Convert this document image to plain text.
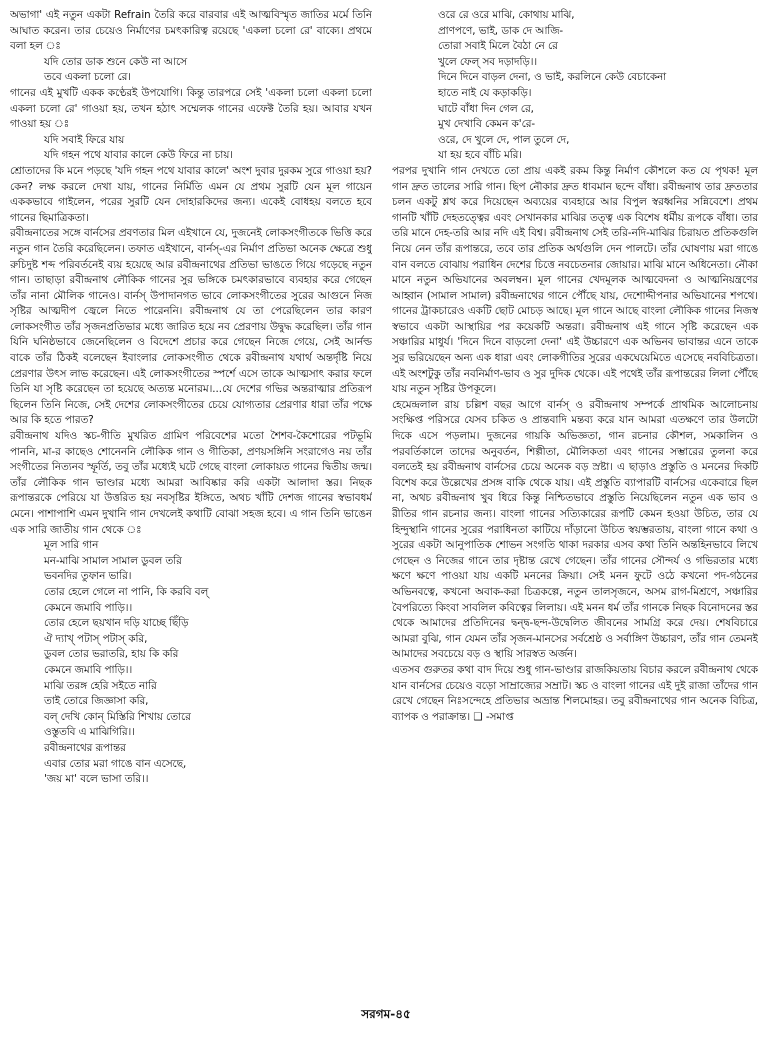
অভাগা' এই নতুন একটা Refrain তৈরি করে বারবার এই আত্মবিস্মৃত জাতির মর্মে তিনি আঘাত করেন। তার চেয়েও নির্মাণের চমৎকারিত্ব রয়েছে 'একলা চলো রে' বাক্যে। প্রথমে বলা হল ঃ

যদি তোর ডাক শুনে কেউ না আসে
তবে একলা চলো রে।

গানের এই মুখটি একক কণ্ঠেরই উপযোগি। কিন্তু তারপরে সেই 'একলা চলো একলা চলো একলা চলো রে' গাওয়া হয়, তখন হঠাৎ সম্মেলক গানের এফেক্ট তৈরি হয়। আবার যখন গাওয়া হয় ঃ

যদি সবাই ফিরে যায়
যদি গহন পথে যাবার কালে কেউ ফিরে না চায়।

শ্রোতাদের কি মনে পড়ছে 'যদি গহন পথে যাবার কালে' অংশ দুবার দুরকম সুরে গাওয়া হয়? কেন? লক্ষ করলে দেখা যায়, গানের নির্মিতি এমন যে প্রথম সুরটি যেন মূল গায়েন এককভাবে গাইলেন, পরের সুরটি যেন দোহারকিদের জন্য। একেই বোধহয় বলতে হবে গানের ছিমাত্রিকতা।

রবীন্দ্রনাতের সঙ্গে বার্নসের প্রবণতার মিল এইখানে যে, দুজনেই লোকসংগীতকে ভিত্তি করে নতুন গান তৈরি করেছিলেন। তফাত এইখানে, বার্নস্-এর নির্মাণ প্রতিভা অনেক ক্ষেত্রে শুধু রুচিদুষ্ট শব্দ পরিবর্তনেই ব্যয় হয়েছে আর রবীন্দ্রনাথের প্রতিভা ভাঙতে গিয়ে গড়েছে নতুন গান। তাছাড়া রবীন্দ্রনাথ লৌকিক গানের সুর ভঙ্গিকে চমৎকারভাবে ব্যবহার করে গেছেন তাঁর নানা মৌলিক গানেও। বার্নস্ উপাদানগত ভাবে লোকসংগীতের সুরের আগুনে নিজ সৃষ্টির আত্মদীপ জ্বেলে নিতে পারেননি। রবীন্দ্রনাথ যে তা পেরেছিলেন তার কারণ লোকসংগীত তাঁর সৃজনপ্রতিভার মধ্যে জারিত হয়ে নব প্রেরণায় উদ্বুদ্ধ করেছিল। তাঁর গান যিনি ঘনিষ্ঠভাবে জেনেছিলেন ও বিদেশে প্রচার করে গেছেন নিজে গেয়ে, সেই আর্নল্ড বাকে তাঁর ঠিকই বলেছেন ইবাংলার লোকসংগীত থেকে রবীন্দ্রনাথ যথার্থ অন্তর্দৃষ্টি নিয়ে প্রেরণার উৎস লাভ করেছেন। এই লোকসংগীতের স্পর্শে এসে তাকে আত্মসাৎ করার ফলে তিনি যা সৃষ্টি করেছেন তা হয়েছে অত্যন্ত মনোরম।...যে দেশের গভির অন্তরাত্মার প্রতিরূপ ছিলেন তিনি নিজে, সেই দেশের লোকসংগীতের চেয়ে যোগ্যতার প্রেরণার ধারা তাঁর পক্ষে আর কি হতে পারত?

রবীন্দ্রনাথ যদিও স্কচ-গীতি মুখরিত গ্রামিণ পরিবেশের মতো শৈশব-কৈশোরের পটভূমি পাননি, মা-র কাছেও শোনেননি লৌকিক গান ও গীতিকা, প্রণয়সঙ্গিনি সংরাগেও নয় তাঁর সংগীতের নিত্যনব স্ফূর্তি, তবু তাঁর মধ্যেই ঘটে গেছে বাংলা লোকায়ত গানের দ্বিতীয় জন্ম। তাঁর লৌকিক গান ভাণ্ডার মধ্যে আমরা আবিষ্কার করি একটা আলাদা স্তর। নিছক রূপান্তরকে পেরিয়ে যা উত্তরিত হয় নবসৃষ্টির ইঙ্গিতে, অথচ খাঁটি দেশজ গানের স্বভাবধর্ম মেনে। পাশাপাশি এমন দুখানি গান দেখলেই কথাটি বোঝা সহজ হবে। এ গান তিনি ভাঙেন এক সারি জাতীয় গান থেকে ঃ

মূল সারি গান
মন-মাঝি সামাল সামাল ডুবল তরি
ভবনদির তুফান ভারি।
তোর হেলে গেলে না পানি, কি করবি বল্
কেমনে জমাবি পাড়ি।।
তোর হেলে ছয়খান দড়ি যাচ্ছে ছিঁড়ি
ঐ দ্যাখ্ পটাস্ পটাস্ করি,
ডুবল তোর ভরাতরি, হায় কি করি
কেমনে জমাবি পাড়ি।।
মাঝি তরঙ্গ হেরি সইতে নারি
তাই তোরে জিজ্ঞাসা করি,
বল্ দেখি কোন্ মিস্তিরি শিখায় তোরে
ওস্তুতবি এ মাঝিগিরি।।
রবীন্দ্রনাথের রূপান্তর
এবার তোর মরা গাঙে বান এসেছে,
'জয় মা' বলে ভাসা তরি।।
ওরে রে ওরে মাঝি, কোথায় মাঝি,
প্রাণপণে, ভাই, ডাক দে আজি-
তোরা সবাই মিলে বৈঠা নে রে
খুলে ফেল্ সব দড়াদড়ি।।
দিনে দিনে বাড়ল দেনা, ও ভাই, করলিনে কেউ বেচাকেনা
হাতে নাই যে কড়াকড়ি।
ঘাটে বাঁধা দিন গেল রে,
মুখ দেখাবি কেমন ক'রে-
ওরে, দে খুলে দে, পাল তুলে দে,
যা হয় হবে বাঁচি মরি।

পরপর দুখানি গান দেখতে তো প্রায় একই রকম কিন্তু নির্মাণ কৌশলে কত যে পৃথক! মূল গান দ্রুত তালের সারি গান। ছিপ নৌকার দ্রুত ধাবমান ছন্দে বাঁধা। রবীন্দ্রনাথ তার দ্রুততার চলন একটু শ্লথ করে দিয়েছেন অব্যয়ের ব্যবহারে আর বিপুল স্বরধ্বনির সন্নিবেশে। প্রথম গানটি খাঁটি দেহতত্ত্বের এবং সেখানকার মাঝির তত্ত্ব এক বিশেষ ধর্মীয় রূপকে বাঁধা। তার তরি মানে দেহ-তরি আর নদি এই বিশ্ব। রবীন্দ্রনাথ সেই তরি-নদি-মাঝির চিরায়ত প্রতিকগুলি নিয়ে নেন তাঁর রূপান্তরে, তবে তার প্রতিক অর্থগুলি দেন পালটে। তাঁর ঘোষণায় মরা গাঙে বান বলতে বোঝায় পরাধিন দেশের চিত্তে নবচেতনার জোয়ার। মাঝি মানে অধিনেতা। নৌকা মানে নতুন অভিযানের অবলম্বন। মূল গানের খেদমূলক আত্মবেদনা ও আত্মনিয়ন্ত্রণের আহ্বান (সামাল সামাল) রবীন্দ্রনাথের গানে পৌঁছে যায়, দেশোদ্দীপনার অভিযানের শপথে। গানের ট্রাকচারেও একটি ছোট মোচড় আছে। মূল গানে আছে বাংলা লৌকিক গানের নিজস্ব স্বভাবে একটা আস্থায়ির পর কয়েকটি অন্তরা। রবীন্দ্রনাথ এই গানে সৃষ্টি করেছেন এক সঞ্চারির মাধুর্য। 'দিনে দিনে বাড়লো দেনা' এই উচ্চারণে এক অভিনব ভাবান্তর এনে তাকে সুর ভরিয়েছেন অন্য এক ধারা এবং লোকগীতির সুরের একঘেয়েমিতে এসেছে নববিচিত্রতা। এই অংশটুকু তাঁর নবনির্মাণ-ভাব ও সুর দুদিক থেকে। এই পথেই তাঁর রূপান্তরের লিলা পৌঁছে যায় নতুন সৃষ্টির উপকূলে।

হেমেন্দ্রলাল রায় চল্লিশ বছর আগে বার্নস্ ও রবীন্দ্রনাথ সম্পর্কে প্রাথমিক আলোচনায় সংক্ষিপ্ত পরিসরে যেসব চকিত ও প্রান্তবাদি মন্তব্য করে যান আমরা এতক্ষণে তার উলটো দিকে এসে পড়লাম। দুজনের গায়কি অভিজ্ঞতা, গান রচনার কৌশল, সমকালিন ও পরবর্তিকালে তাদের অনুবর্তন, শিল্পীতা, মৌলিকতা এবং গানের সম্ভারের তুলনা করে বলতেই হয় রবীন্দ্রনাথ বার্নসের চেয়ে অনেক বড় স্রষ্টা। এ ছাড়াও প্রস্তুতি ও মননের দিকটি বিশেষ করে উল্লেখের প্রসঙ্গ বাকি থেকে যায়। এই প্রস্তুতি ব্যাপারটি বার্নসের একেবারে ছিল না, অথচ রবীন্দ্রনাথ খুব ধিরে কিন্তু নিশ্চিতভাবে প্রস্তুতি নিয়েছিলেন নতুন এক ভাব ও রীতির গান রচনার জন্য। বাংলা গানের সত্যিকারের রূপটি কেমন হওয়া উচিত, তার যে হিন্দুস্থানি গানের সুরের পরাধিনতা কাটিয়ে দাঁড়ানো উচিত স্বয়ম্ভরতায়, বাংলা গানে কথা ও সুরের একটা আনুপাতিক শোভন সংগতি থাকা দরকার এসব কথা তিনি অন্তহিনভাবে লিখে গেছেন ও নিজের গানে তার দৃষ্টান্ত রেখে গেছেন। তাঁর গানের সৌন্দর্য ও গভিরতার মধ্যে ক্ষণে ক্ষণে পাওয়া যায় একটি মননের ক্রিয়া। সেই মনন ফুটে ওঠে কখনো পদ-গঠনের অভিনবত্বে, কখনো অবাক-করা চিত্রকল্পে, নতুন তালসৃজনে, অসম রাগ-মিশ্রণে, সঞ্চারির বৈপরিত্যে কিংবা সাবলিল কবিত্বের লিলায়। এই মনন ধর্ম তাঁর গানকে নিছক বিনোদনের স্তর থেকে আমাদের প্রতিদিনের দ্বন্দ্ব-ছন্দ-উদ্বেলিত জীবনের সামগ্রি করে দেয়। শেষবিচারে আমরা বুঝি, গান যেমন তাঁর সৃজন-মানসের সর্বশ্রেষ্ঠ ও সর্বাঙ্গিণ উচ্চারণ, তাঁর গান তেমনই আমাদের সবচেয়ে বড় ও স্থায়ি সারস্বত অর্জন।

এতসব গুরুতর কথা বাদ দিয়ে শুধু গান-ভাণ্ডার রাজকিয়তায় বিচার করলে রবীন্দ্রনাথ থেকে যান বার্নসের চেয়েও বড়ো সাম্রাজ্যের সম্রাট। স্কচ ও বাংলা গানের এই দুই রাজা তাঁদের গান রেখে গেছেন নিঃসন্দেহে প্রতিভার অভ্রান্ত শিলমোহর। তবু রবীন্দ্রনাথের গান অনেক বিচিত্র, ব্যাপক ও পরাক্রান্ত। ❑ -সমাপ্ত

সরগম-৪৫
